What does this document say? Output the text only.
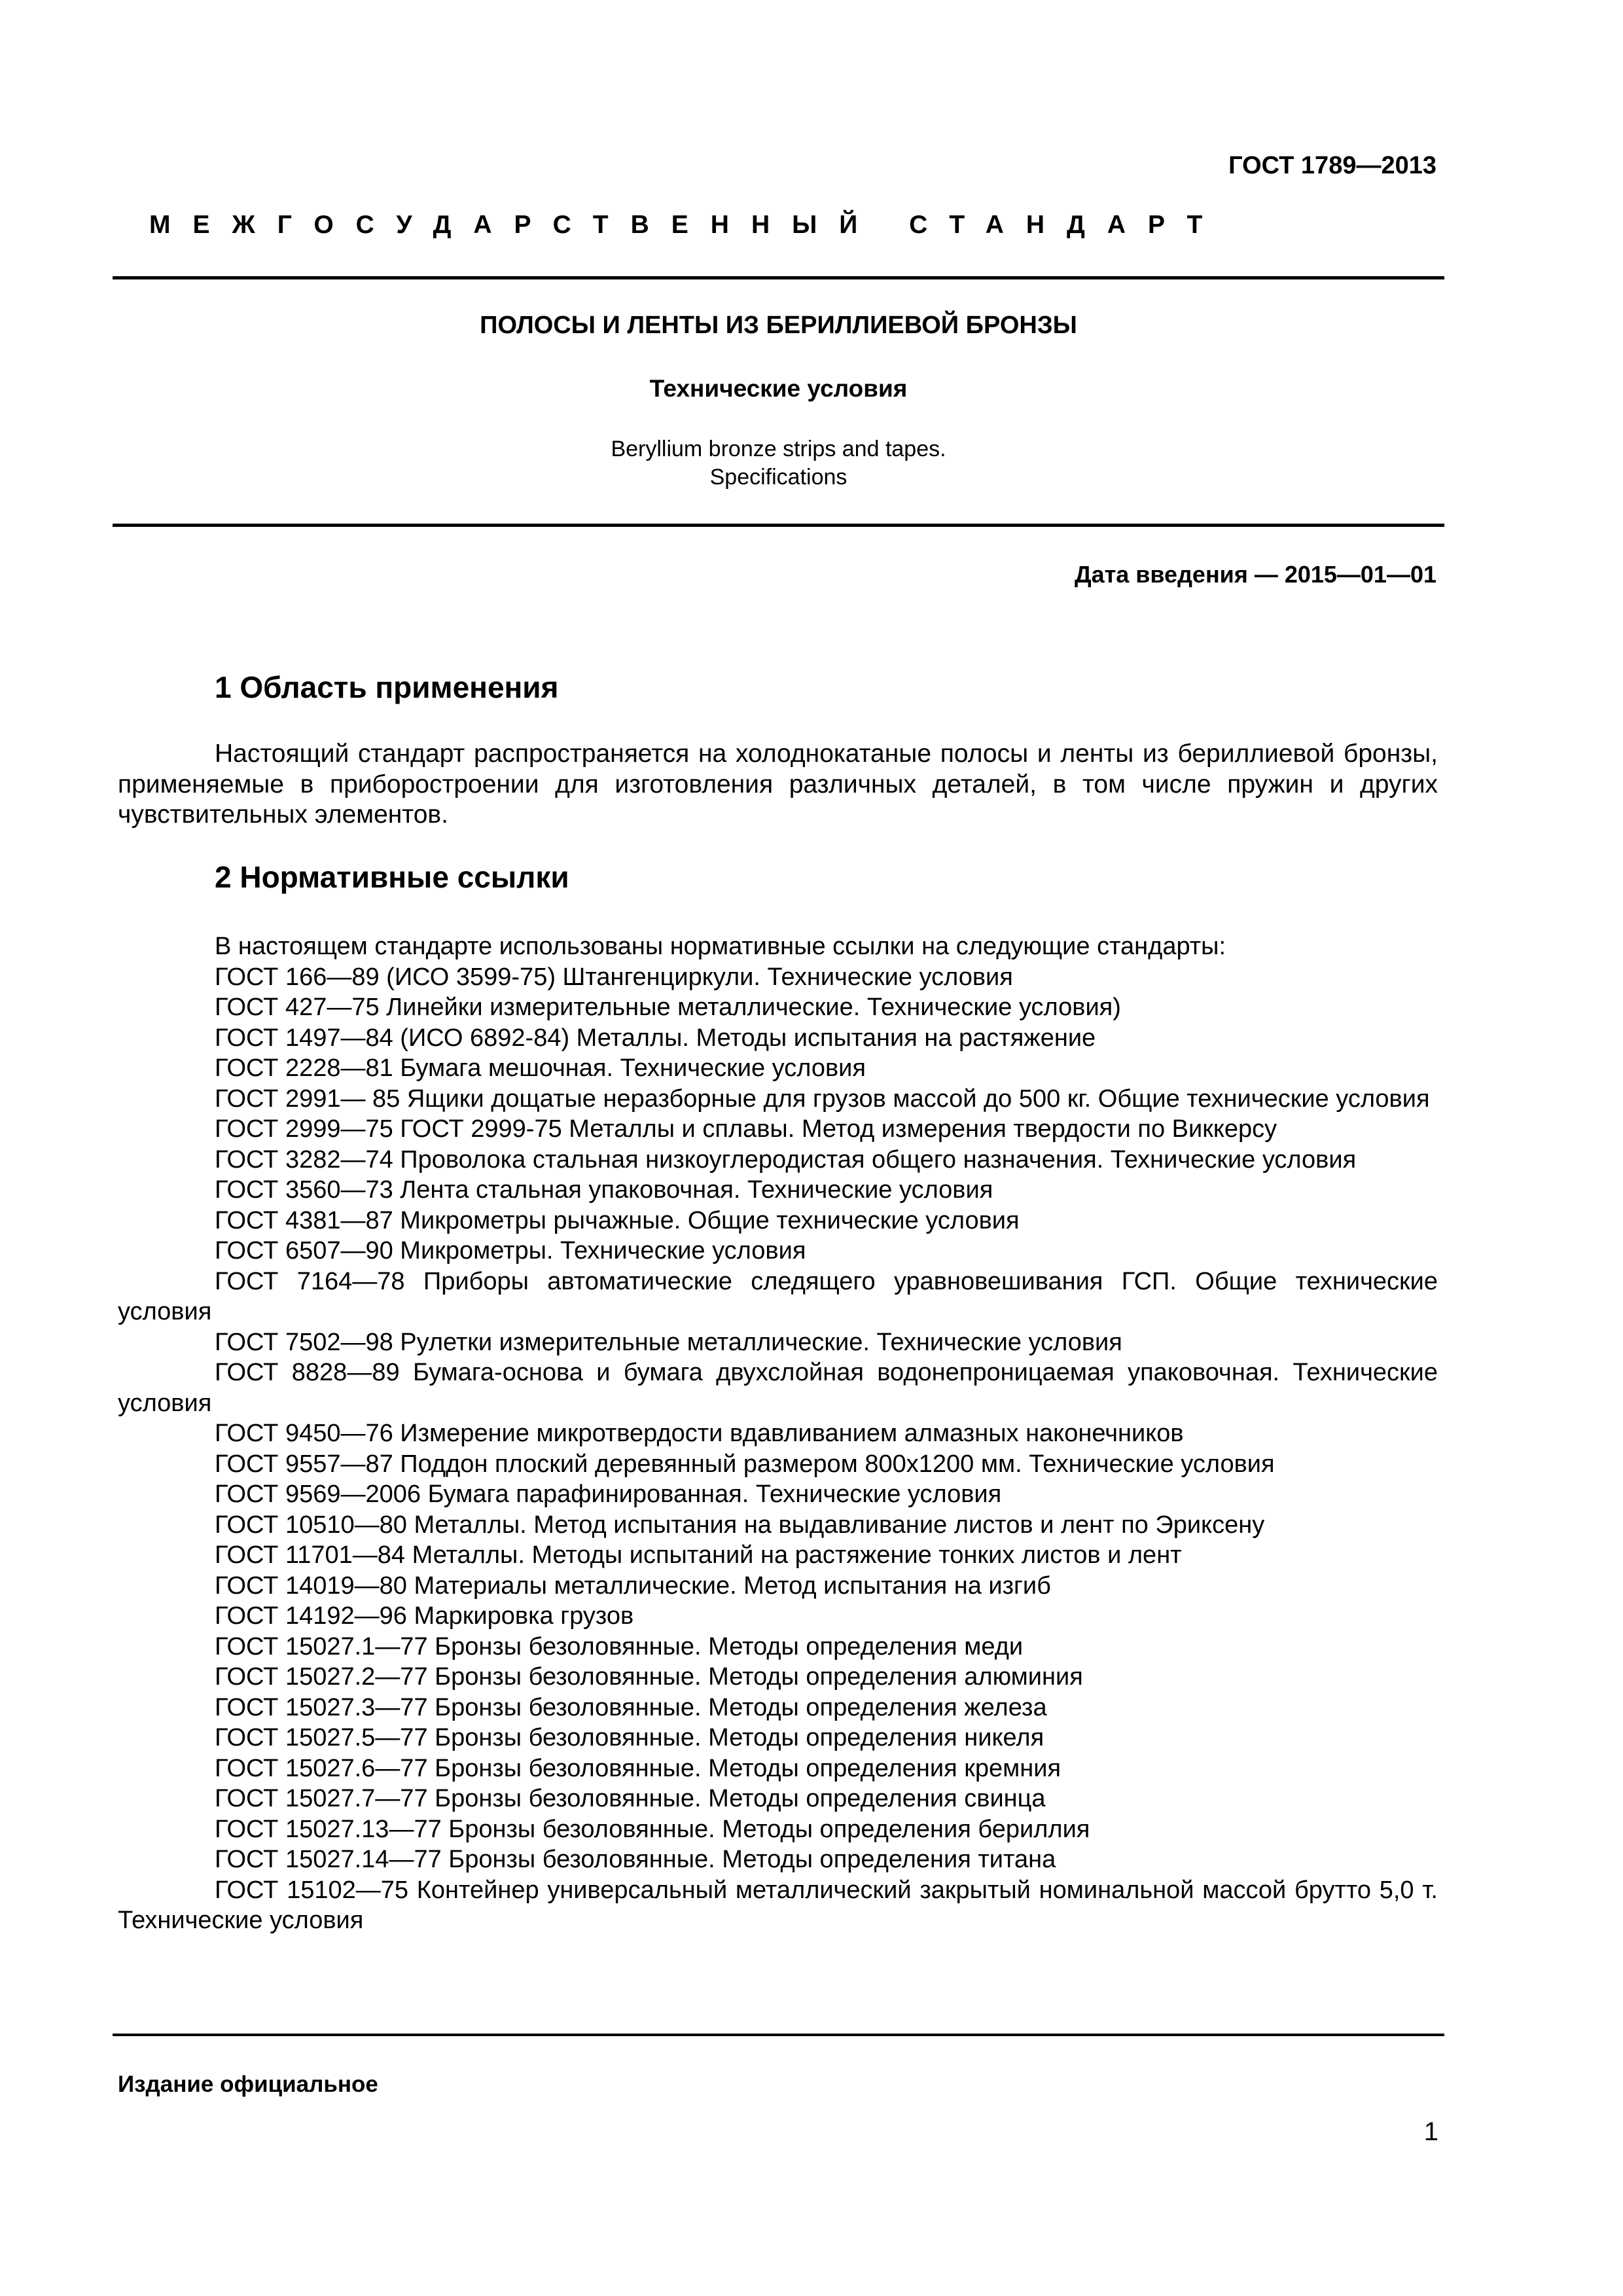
ГОСТ 1789—2013
МЕЖГОСУДАРСТВЕННЫЙ СТАНДАРТ
ПОЛОСЫ И ЛЕНТЫ ИЗ БЕРИЛЛИЕВОЙ БРОНЗЫ
Технические условия
Beryllium bronze strips and tapes.
Specifications
Дата введения — 2015—01—01
1 Область применения
Настоящий стандарт распространяется на холоднокатаные полосы и ленты из бериллиевой бронзы, применяемые в приборостроении для изготовления различных деталей, в том числе пружин и других чувствительных элементов.
2 Нормативные ссылки

В настоящем стандарте использованы нормативные ссылки на следующие стандарты:

ГОСТ 166—89 (ИСО 3599-75) Штангенциркули. Технические условия

ГОСТ 427—75 Линейки измерительные металлические. Технические условия)

ГОСТ 1497—84 (ИСО 6892-84) Металлы. Методы испытания на растяжение

ГОСТ 2228—81 Бумага мешочная. Технические условия

ГОСТ 2991— 85 Ящики дощатые неразборные для грузов массой до 500 кг. Общие технические условия

ГОСТ 2999—75 ГОСТ 2999-75 Металлы и сплавы. Метод измерения твердости по Виккерсу

ГОСТ 3282—74 Проволока стальная низкоуглеродистая общего назначения. Технические условия

ГОСТ 3560—73 Лента стальная упаковочная. Технические условия

ГОСТ 4381—87 Микрометры рычажные. Общие технические условия

ГОСТ 6507—90 Микрометры. Технические условия

ГОСТ 7164—78 Приборы автоматические следящего уравновешивания ГСП. Общие технические условия

ГОСТ 7502—98 Рулетки измерительные металлические. Технические условия

ГОСТ 8828—89 Бумага-основа и бумага двухслойная водонепроницаемая упаковочная. Технические условия

ГОСТ 9450—76 Измерение микротвердости вдавливанием алмазных наконечников

ГОСТ 9557—87 Поддон плоский деревянный размером 800х1200 мм. Технические условия

ГОСТ 9569—2006 Бумага парафинированная. Технические условия

ГОСТ 10510—80 Металлы. Метод испытания на выдавливание листов и лент по Эриксену

ГОСТ 11701—84 Металлы. Методы испытаний на растяжение тонких листов и лент

ГОСТ 14019—80 Материалы металлические. Метод испытания на изгиб

ГОСТ 14192—96 Маркировка грузов

ГОСТ 15027.1—77 Бронзы безоловянные. Методы определения меди

ГОСТ 15027.2—77 Бронзы безоловянные. Методы определения алюминия

ГОСТ 15027.3—77 Бронзы безоловянные. Методы определения железа

ГОСТ 15027.5—77 Бронзы безоловянные. Методы определения никеля

ГОСТ 15027.6—77 Бронзы безоловянные. Методы определения кремния

ГОСТ 15027.7—77 Бронзы безоловянные. Методы определения свинца

ГОСТ 15027.13—77 Бронзы безоловянные. Методы определения бериллия

ГОСТ 15027.14—77 Бронзы безоловянные. Методы определения титана

ГОСТ 15102—75 Контейнер универсальный металлический закрытый номинальной массой брутто 5,0 т. Технические условия

Издание официальное
1
